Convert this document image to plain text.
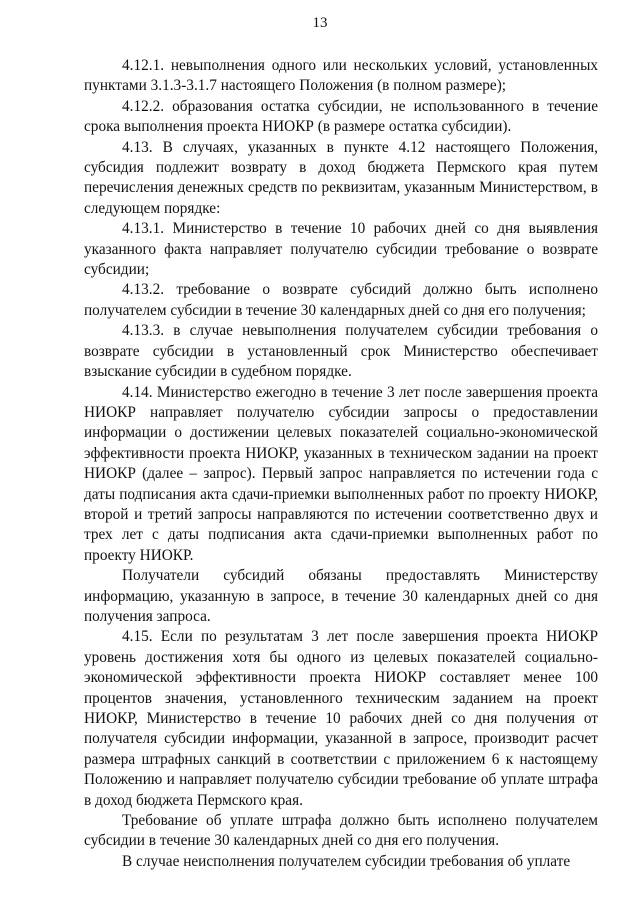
13

4.12.1. невыполнения одного или нескольких условий, установленных пунктами 3.1.3-3.1.7 настоящего Положения (в полном размере);

4.12.2. образования остатка субсидии, не использованного в течение срока выполнения проекта НИОКР (в размере остатка субсидии).

4.13. В случаях, указанных в пункте 4.12 настоящего Положения, субсидия подлежит возврату в доход бюджета Пермского края путем перечисления денежных средств по реквизитам, указанным Министерством, в следующем порядке:

4.13.1. Министерство в течение 10 рабочих дней со дня выявления указанного факта направляет получателю субсидии требование о возврате субсидии;

4.13.2. требование о возврате субсидий должно быть исполнено получателем субсидии в течение 30 календарных дней со дня его получения;

4.13.3. в случае невыполнения получателем субсидии требования о возврате субсидии в установленный срок Министерство обеспечивает взыскание субсидии в судебном порядке.

4.14. Министерство ежегодно в течение 3 лет после завершения проекта НИОКР направляет получателю субсидии запросы о предоставлении информации о достижении целевых показателей социально-экономической эффективности проекта НИОКР, указанных в техническом задании на проект НИОКР (далее – запрос). Первый запрос направляется по истечении года с даты подписания акта сдачи-приемки выполненных работ по проекту НИОКР, второй и третий запросы направляются по истечении соответственно двух и трех лет с даты подписания акта сдачи-приемки выполненных работ по проекту НИОКР.

Получатели субсидий обязаны предоставлять Министерству информацию, указанную в запросе, в течение 30 календарных дней со дня получения запроса.

4.15. Если по результатам 3 лет после завершения проекта НИОКР уровень достижения хотя бы одного из целевых показателей социально-экономической эффективности проекта НИОКР составляет менее 100 процентов значения, установленного техническим заданием на проект НИОКР, Министерство в течение 10 рабочих дней со дня получения от получателя субсидии информации, указанной в запросе, производит расчет размера штрафных санкций в соответствии с приложением 6 к настоящему Положению и направляет получателю субсидии требование об уплате штрафа в доход бюджета Пермского края.

Требование об уплате штрафа должно быть исполнено получателем субсидии в течение 30 календарных дней со дня его получения.

В случае неисполнения получателем субсидии требования об уплате
